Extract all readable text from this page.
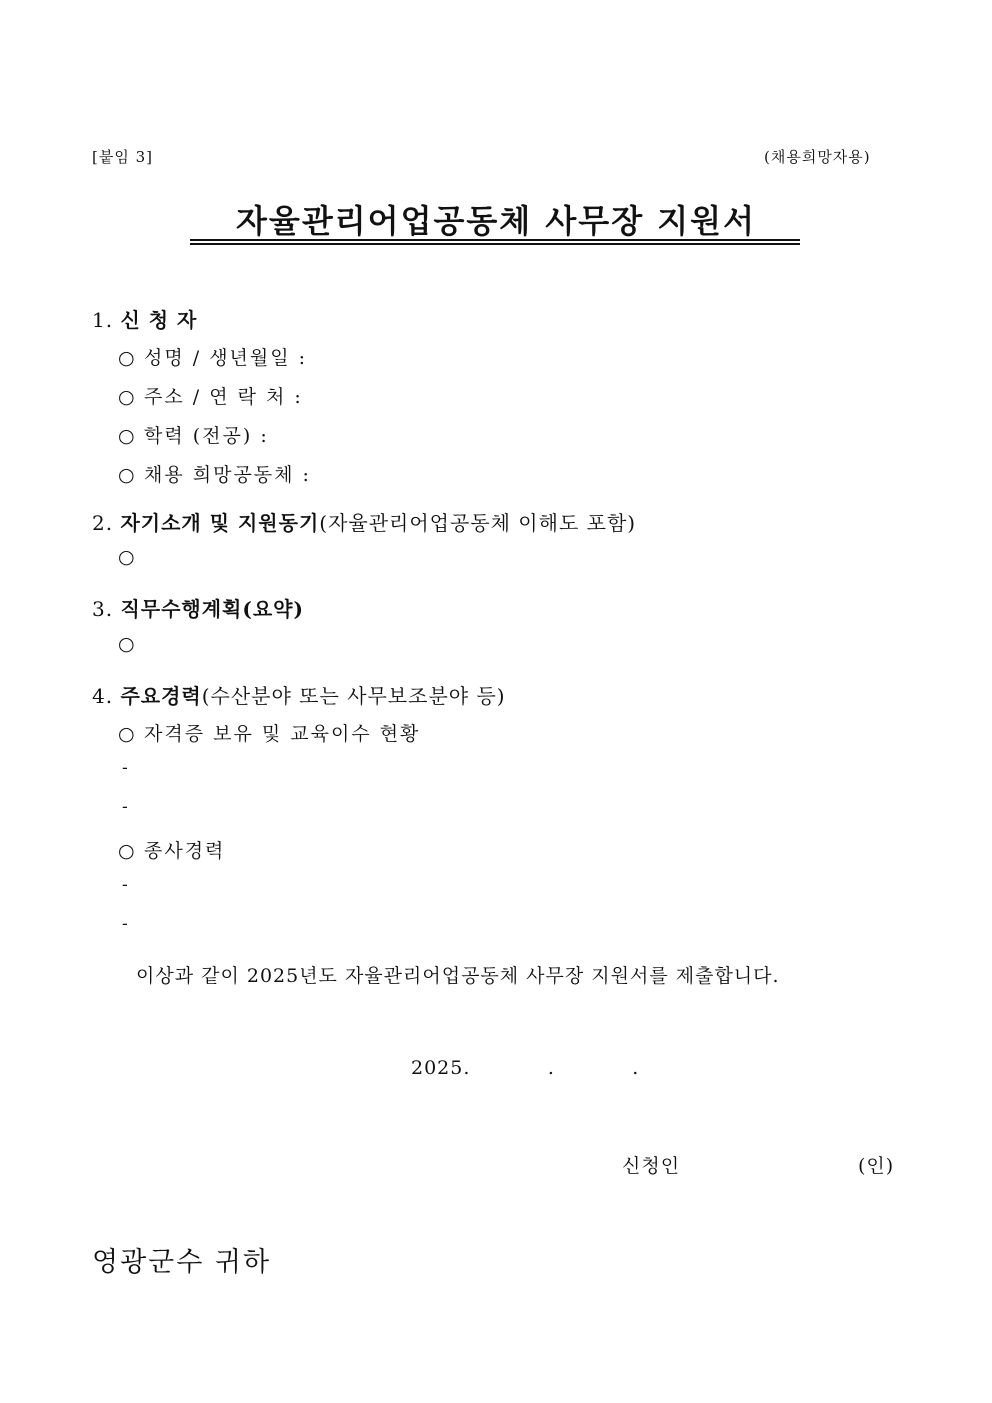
[붙임 3]	(채용희망자용)
자율관리어업공동체 사무장 지원서
1. 신 청 자
○ 성명 / 생년월일 :
○ 주소 / 연 락 처 :
○ 학력 (전공) :
○ 채용 희망공동체 :
2. 자기소개 및 지원동기(자율관리어업공동체 이해도 포함)
○
3. 직무수행계획(요약)
○
4. 주요경력(수산분야 또는 사무보조분야 등)
○ 자격증 보유 및 교육이수 현황
-
-
○ 종사경력
-
-
이상과 같이 2025년도 자율관리어업공동체 사무장 지원서를 제출합니다.
2025.           .           .
신청인	(인)
영광군수 귀하
